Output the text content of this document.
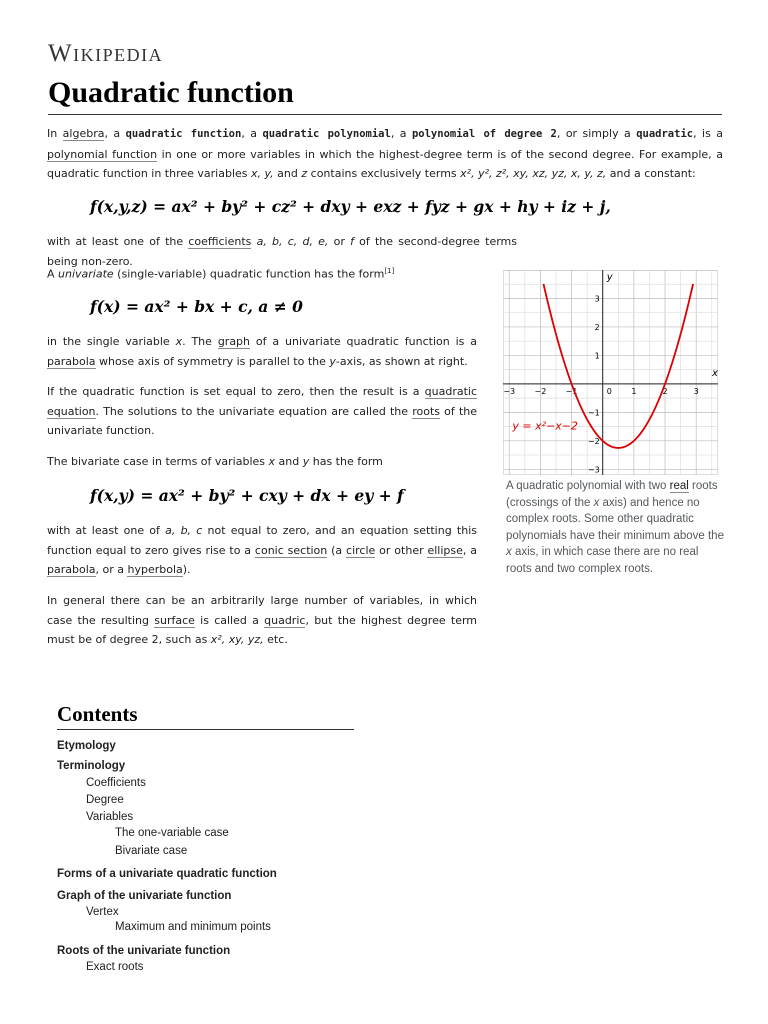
Wikipedia
Quadratic function

In algebra, a quadratic function, a quadratic polynomial, a polynomial of degree 2, or simply a quadratic, is a polynomial function in one or more variables in which the highest-degree term is of the second degree. For example, a quadratic function in three variables x, y, and z contains exclusively terms x², y², z², xy, xz, yz, x, y, z, and a constant:

f(x,y,z) = ax² + by² + cz² + dxy + exz + fyz + gx + hy + iz + j,

with at least one of the coefficients a, b, c, d, e, or f of the second-degree terms being non-zero.

A univariate (single-variable) quadratic function has the form[1]

f(x) = ax² + bx + c, a ≠ 0

in the single variable x. The graph of a univariate quadratic function is a parabola whose axis of symmetry is parallel to the y-axis, as shown at right.

If the quadratic function is set equal to zero, then the result is a quadratic equation. The solutions to the univariate equation are called the roots of the univariate function.

The bivariate case in terms of variables x and y has the form

f(x,y) = ax² + by² + cxy + dx + ey + f

with at least one of a, b, c not equal to zero, and an equation setting this function equal to zero gives rise to a conic section (a circle or other ellipse, a parabola, or a hyperbola).

In general there can be an arbitrarily large number of variables, in which case the resulting surface is called a quadric, but the highest degree term must be of degree 2, such as x², xy, yz, etc.

x
y
−3 −2 −1	0 1	2	3
3
2
1
−1
−2
−3
y = x²−x−2
A quadratic polynomial with two real roots (crossings of the x axis) and hence no complex roots. Some other quadratic polynomials have their minimum above the x axis, in which case there are no real roots and two complex roots.
Contents
Etymology
Terminology
Coefficients
Degree
Variables
The one-variable case
Bivariate case
Forms of a univariate quadratic function
Graph of the univariate function
Vertex
Maximum and minimum points
Roots of the univariate function
Exact roots
